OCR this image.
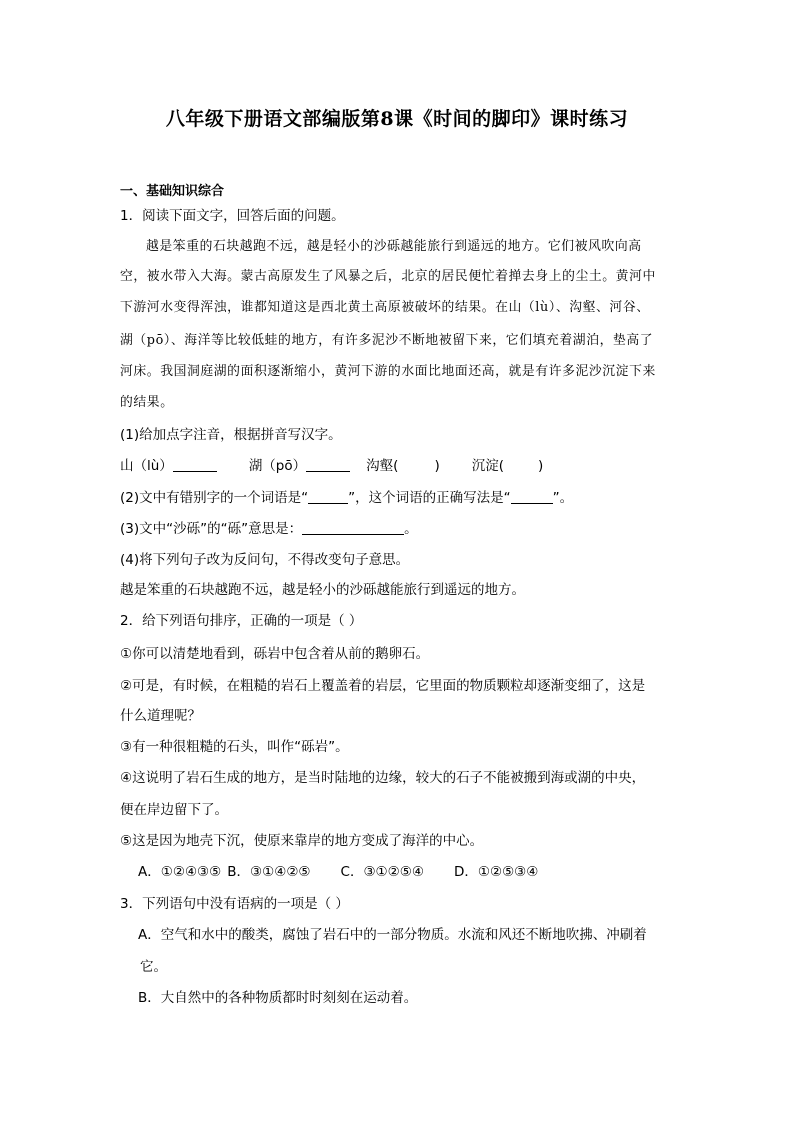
八年级下册语文部编版第8课《时间的脚印》课时练习
一、基础知识综合
1．阅读下面文字，回答后面的问题。
越是笨重的石块越跑不远，越是轻小的沙砾越能旅行到遥远的地方。它们被风吹向高
空，被水带入大海。蒙古高原发生了风暴之后，北京的居民便忙着掸去身上的尘土。黄河中
下游河水变得浑浊，谁都知道这是西北黄土高原被破坏的结果。在山（lù）、沟壑、河谷、
湖（pō）、海洋等比较低蛙的地方，有许多泥沙不断地被留下来，它们填充着湖泊，垫高了
河床。我国洞庭湖的面积逐渐缩小，黄河下游的水面比地面还高，就是有许多泥沙沉淀下来
的结果。
(1)给加点字注音，根据拼音写汉字。
山（lù）	湖（pō）	沟壑(	) 沉淀(	)
(2)文中有错别字的一个词语是“	”，这个词语的正确写法是“	”。
(3)文中“沙砾”的“砾”意思是：	。
(4)将下列句子改为反问句，不得改变句子意思。
越是笨重的石块越跑不远，越是轻小的沙砾越能旅行到遥远的地方。
2．给下列语句排序，正确的一项是（ ）
①你可以清楚地看到，砾岩中包含着从前的鹅卵石。
②可是，有时候，在粗糙的岩石上覆盖着的岩层，它里面的物质颗粒却逐渐变细了，这是
什么道理呢？
③有一种很粗糙的石头，叫作“砾岩”。
④这说明了岩石生成的地方，是当时陆地的边缘，较大的石子不能被搬到海或湖的中央，
便在岸边留下了。
⑤这是因为地壳下沉，使原来靠岸的地方变成了海洋的中心。
A．①②④③⑤ B．③①④②⑤ C．③①②⑤④ D．①②⑤③④
3．下列语句中没有语病的一项是（ ）
A．空气和水中的酸类，腐蚀了岩石中的一部分物质。水流和风还不断地吹拂、冲刷着
它。
B．大自然中的各种物质都时时刻刻在运动着。
